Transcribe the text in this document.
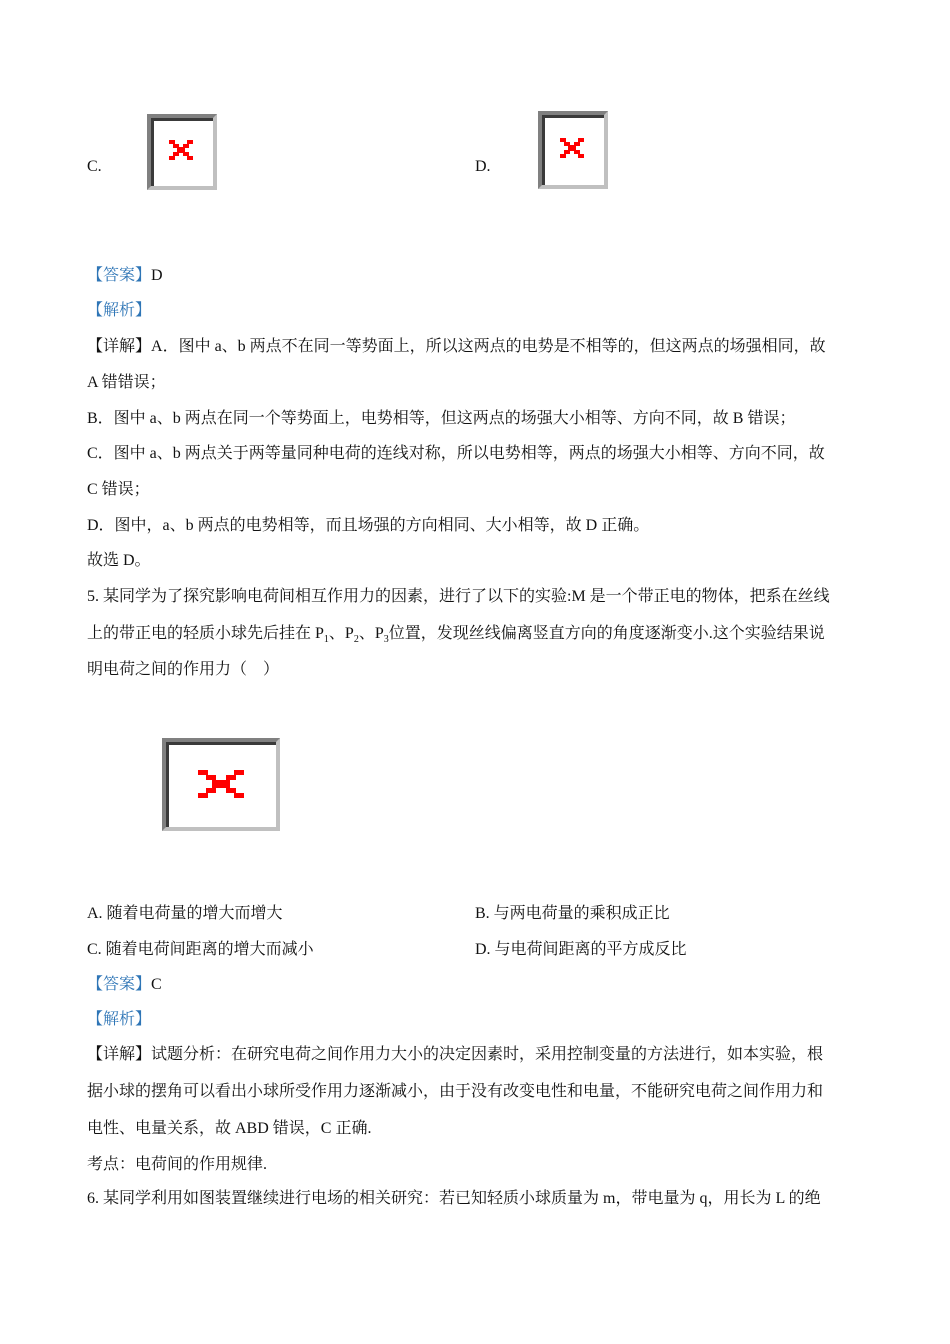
C.	D.
【答案】D
【解析】
【详解】A．图中 a、b 两点不在同一等势面上，所以这两点的电势是不相等的，但这两点的场强相同，故
A 错错误；
B．图中 a、b 两点在同一个等势面上，电势相等，但这两点的场强大小相等、方向不同，故 B 错误；
C．图中 a、b 两点关于两等量同种电荷的连线对称，所以电势相等，两点的场强大小相等、方向不同，故
C 错误；
D．图中，a、b 两点的电势相等，而且场强的方向相同、大小相等，故 D 正确。
故选 D。
5. 某同学为了探究影响电荷间相互作用力的因素，进行了以下的实验:M 是一个带正电的物体，把系在丝线
上的带正电的轻质小球先后挂在 $P_1$、$P_2$、$P_3$位置，发现丝线偏离竖直方向的角度逐渐变小.这个实验结果说
明电荷之间的作用力（　）
A. 随着电荷量的增大而增大	B. 与两电荷量的乘积成正比
C. 随着电荷间距离的增大而减小	D. 与电荷间距离的平方成反比
【答案】C
【解析】
【详解】试题分析：在研究电荷之间作用力大小的决定因素时，采用控制变量的方法进行，如本实验，根
据小球的摆角可以看出小球所受作用力逐渐减小，由于没有改变电性和电量，不能研究电荷之间作用力和
电性、电量关系，故 ABD 错误，C 正确.
考点：电荷间的作用规律.
6. 某同学利用如图装置继续进行电场的相关研究：若已知轻质小球质量为 m，带电量为 q，用长为 L 的绝
